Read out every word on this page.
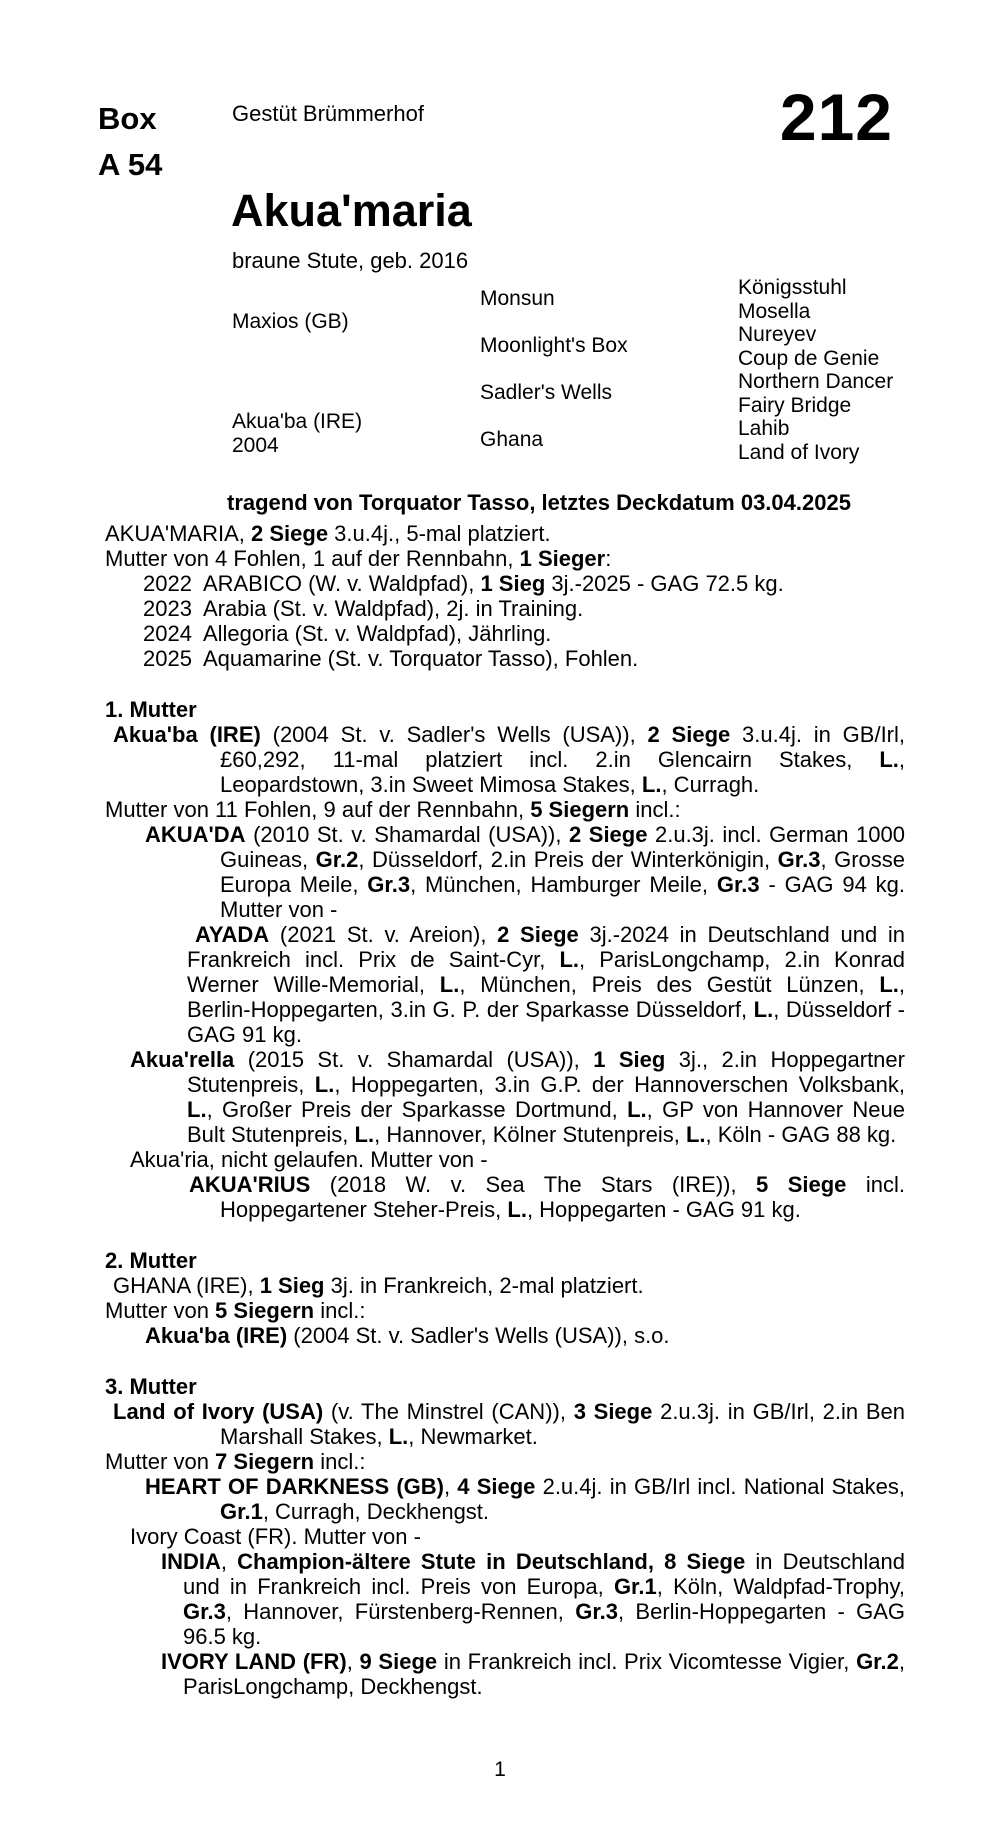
Box
A 54
Gestüt Brümmerhof	212
Akua'maria
braune Stute, geb. 2016
Maxios (GB)
Akua'ba (IRE)
2004
Monsun
Moonlight's Box
Sadler's Wells
Ghana
Königsstuhl
Mosella
Nureyev
Coup de Genie
Northern Dancer
Fairy Bridge
Lahib
Land of Ivory
tragend von Torquator Tasso, letztes Deckdatum 03.04.2025

AKUA'MARIA, 2 Siege 3.u.4j., 5-mal platziert.

Mutter von 4 Fohlen, 1 auf der Rennbahn, 1 Sieger:

2022 ARABICO (W. v. Waldpfad), 1 Sieg 3j.-2025 - GAG 72.5 kg.

2023 Arabia (St. v. Waldpfad), 2j. in Training.

2024 Allegoria (St. v. Waldpfad), Jährling.

2025 Aquamarine (St. v. Torquator Tasso), Fohlen.

1. Mutter

Akua'ba (IRE) (2004 St. v. Sadler's Wells (USA)), 2 Siege 3.u.4j. in GB/Irl, £60,292, 11-mal platziert incl. 2.in Glencairn Stakes, L., Leopardstown, 3.in Sweet Mimosa Stakes, L., Curragh.

Mutter von 11 Fohlen, 9 auf der Rennbahn, 5 Siegern incl.:

AKUA'DA (2010 St. v. Shamardal (USA)), 2 Siege 2.u.3j. incl. German 1000 Guineas, Gr.2, Düsseldorf, 2.in Preis der Winterkönigin, Gr.3, Grosse Europa Meile, Gr.3, München, Hamburger Meile, Gr.3 - GAG 94 kg. Mutter von -

AYADA (2021 St. v. Areion), 2 Siege 3j.-2024 in Deutschland und in Frankreich incl. Prix de Saint-Cyr, L., ParisLongchamp, 2.in Konrad Werner Wille-Memorial, L., München, Preis des Gestüt Lünzen, L., Berlin-Hoppegarten, 3.in G. P. der Sparkasse Düsseldorf, L., Düsseldorf - GAG 91 kg.

Akua'rella (2015 St. v. Shamardal (USA)), 1 Sieg 3j., 2.in Hoppegartner Stutenpreis, L., Hoppegarten, 3.in G.P. der Hannoverschen Volksbank, L., Großer Preis der Sparkasse Dortmund, L., GP von Hannover Neue Bult Stutenpreis, L., Hannover, Kölner Stutenpreis, L., Köln - GAG 88 kg.

Akua'ria, nicht gelaufen. Mutter von -

AKUA'RIUS (2018 W. v. Sea The Stars (IRE)), 5 Siege incl. Hoppegartener Steher-Preis, L., Hoppegarten - GAG 91 kg.

2. Mutter

GHANA (IRE), 1 Sieg 3j. in Frankreich, 2-mal platziert.

Mutter von 5 Siegern incl.:

Akua'ba (IRE) (2004 St. v. Sadler's Wells (USA)), s.o.

3. Mutter

Land of Ivory (USA) (v. The Minstrel (CAN)), 3 Siege 2.u.3j. in GB/Irl, 2.in Ben Marshall Stakes, L., Newmarket.

Mutter von 7 Siegern incl.:

HEART OF DARKNESS (GB), 4 Siege 2.u.4j. in GB/Irl incl. National Stakes, Gr.1, Curragh, Deckhengst.

Ivory Coast (FR). Mutter von -

INDIA, Champion-ältere Stute in Deutschland, 8 Siege in Deutschland und in Frankreich incl. Preis von Europa, Gr.1, Köln, Waldpfad-Trophy, Gr.3, Hannover, Fürstenberg-Rennen, Gr.3, Berlin-Hoppegarten - GAG 96.5 kg.

IVORY LAND (FR), 9 Siege in Frankreich incl. Prix Vicomtesse Vigier, Gr.2, ParisLongchamp, Deckhengst.

1
